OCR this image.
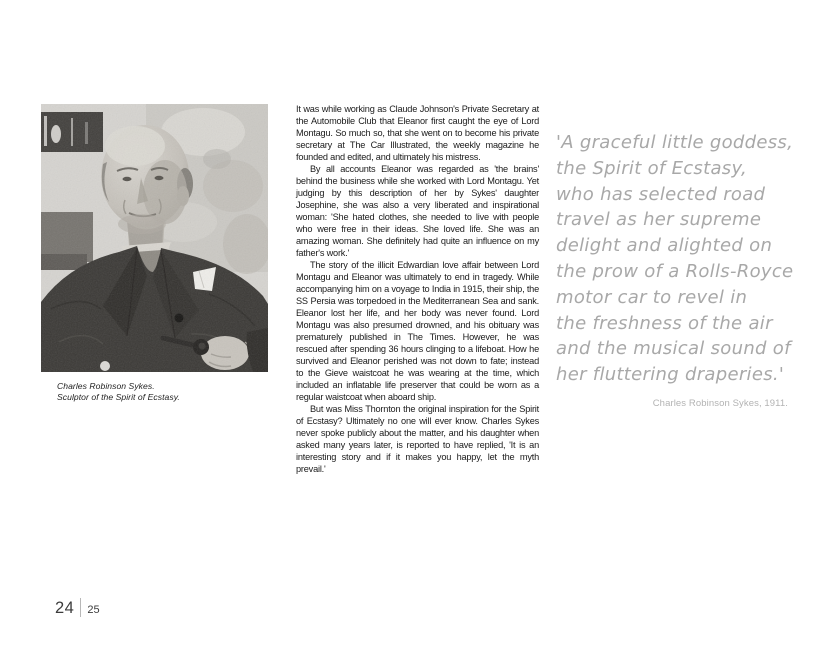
Charles Robinson Sykes.
Sculptor of the Spirit of Ecstasy.

It was while working as Claude Johnson's Private Secretary at the Automobile Club that Eleanor first caught the eye of Lord Montagu. So much so, that she went on to become his private secretary at The Car Illustrated, the weekly magazine he founded and edited, and ultimately his mistress.

By all accounts Eleanor was regarded as 'the brains' behind the business while she worked with Lord Montagu. Yet judging by this description of her by Sykes' daughter Josephine, she was also a very liberated and inspirational woman: 'She hated clothes, she needed to live with people who were free in their ideas. She loved life. She was an amazing woman. She definitely had quite an influence on my father's work.'

The story of the illicit Edwardian love affair between Lord Montagu and Eleanor was ultimately to end in tragedy. While accompanying him on a voyage to India in 1915, their ship, the SS Persia was torpedoed in the Mediterranean Sea and sank. Eleanor lost her life, and her body was never found. Lord Montagu was also presumed drowned, and his obituary was prematurely published in The Times. However, he was rescued after spending 36 hours clinging to a lifeboat. How he survived and Eleanor perished was not down to fate; instead to the Gieve waistcoat he was wearing at the time, which included an inflatable life preserver that could be worn as a regular waistcoat when aboard ship.

But was Miss Thornton the original inspiration for the Spirit of Ecstasy? Ultimately no one will ever know. Charles Sykes never spoke publicly about the matter, and his daughter when asked many years later, is reported to have replied, 'It is an interesting story and if it makes you happy, let the myth prevail.'

'A graceful little goddess,
the Spirit of Ecstasy,
who has selected road
travel as her supreme
delight and alighted on
the prow of a Rolls-Royce
motor car to revel in
the freshness of the air
and the musical sound of
her fluttering draperies.'
Charles Robinson Sykes, 1911.
24 25
